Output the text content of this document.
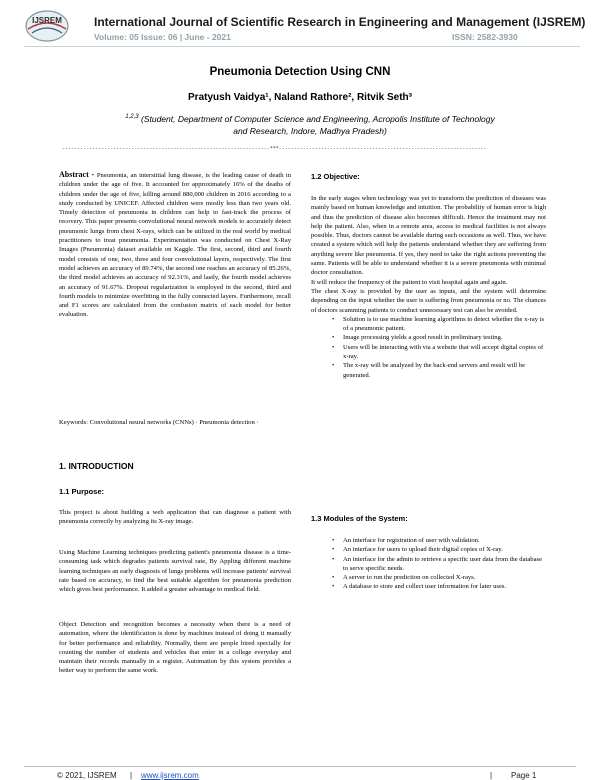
IJSREM	International Journal of Scientific Research in Engineering and Management (IJSREM)
Volume: 05 Issue: 06 | June - 2021	ISSN: 2582-3930
Pneumonia Detection Using CNN
Pratyush Vaidya¹, Naland Rathore², Ritvik Seth³
$^{1,2,3}$ (Student, Department of Computer Science and Engineering, Acropolis Institute of Technology and Research, Indore, Madhya Pradesh)
---------------------------------------------------------------------***---------------------------------------------------------------------
Abstract - Pneumonia, an interstitial lung disease, is the leading cause of death in children under the age of five. It accounted for approximately 16% of the deaths of children under the age of five, killing around 880,000 children in 2016 according to a study conducted by UNICEF. Affected children were mostly less than two years old. Timely detection of pneumonia in children can help to fast-track the process of recovery. This paper presents convolutional neural network models to accurately detect pneumonic lungs from chest X-rays, which can be utilized in the real world by medical practitioners to treat pneumonia. Experimentation was conducted on Chest X-Ray Images (Pneumonia) dataset available on Kaggle. The first, second, third and fourth model consists of one, two, three and four convolutional layers, respectively. The first model achieves an accuracy of 89.74%, the second one reaches an accuracy of 85.26%, the third model achieves an accuracy of 92.31%, and lastly, the fourth model achieves an accuracy of 91.67%. Dropout regularization is employed in the second, third and fourth models to minimize overfitting in the fully connected layers. Furthermore, recall and F1 scores are calculated from the confusion matrix of each model for better evaluation.
Keywords: Convolutional neural networks (CNNs) · Pneumonia detection ·
1. INTRODUCTION
1.1 Purpose:
This project is about building a web application that can diagnose a patient with pneumonia correctly by analyzing its X-ray image.
Using Machine Learning techniques predicting patient's pneumonia disease is a time-consuming task which degrades patients survival rate, By Appling different machine learning techniques an early diagnosis of lungs problems will increase patients' survival rate based on accuracy, to find the best suitable algorithm for pneumonia prediction which gives best performance. It added a greater advantage to medical field.
Object Detection and recognition becomes a necessity when there is a need of automation, where the identification is done by machines instead of doing it manually for better performance and reliability. Normally, there are people hired specially for counting the number of students and vehicles that enter in a college everyday and maintain their records manually in a register. Automation by this system provides a better way to perform the same work.
1.2 Objective:
In the early stages when technology was yet to transform the prediction of diseases was mainly based on human knowledge and intuition. The probability of human error is high and thus the prediction of disease also becomes difficult. Hence the treatment may not help the patient. Also, when in a remote area, access to medical facilities is not always possible. Thus, doctors cannot be available during such occasions as well. Thus, we have created a system which will help the patients understand whether they are suffering from anything severe like pneumonia. If yes, they need to take the right actions preventing the same. Patients will be able to understand whether it is a severe pneumonia with minimal doctor consultation.
It will reduce the frequency of the patient to visit hospital again and again.
The chest X-ray is provided by the user as inputs, and the system will determine depending on the input whether the user is suffering from pneumonia or no. The chances of doctors scamming patients to conduct unnecessary test can also be avoided.
• Solution is to use machine learning algorithms to detect whether the x-ray is of a pneumonic patient.
• Image processing yields a good result in preliminary testing.
• Users will be interacting with via a website that will accept digital copies of x-ray.
• The x-ray will be analyzed by the back-end servers and result will be generated.
1.3 Modules of the System:
• An interface for registration of user with validation.
• An interface for users to upload their digital copies of X-ray.
• An interface for the admin to retrieve a specific user data from the database to serve specific needs.
• A server to run the prediction on collected X-rays.
• A database to store and collect user information for later uses.
© 2021, IJSREM | www.ijsrem.com	| Page 1
